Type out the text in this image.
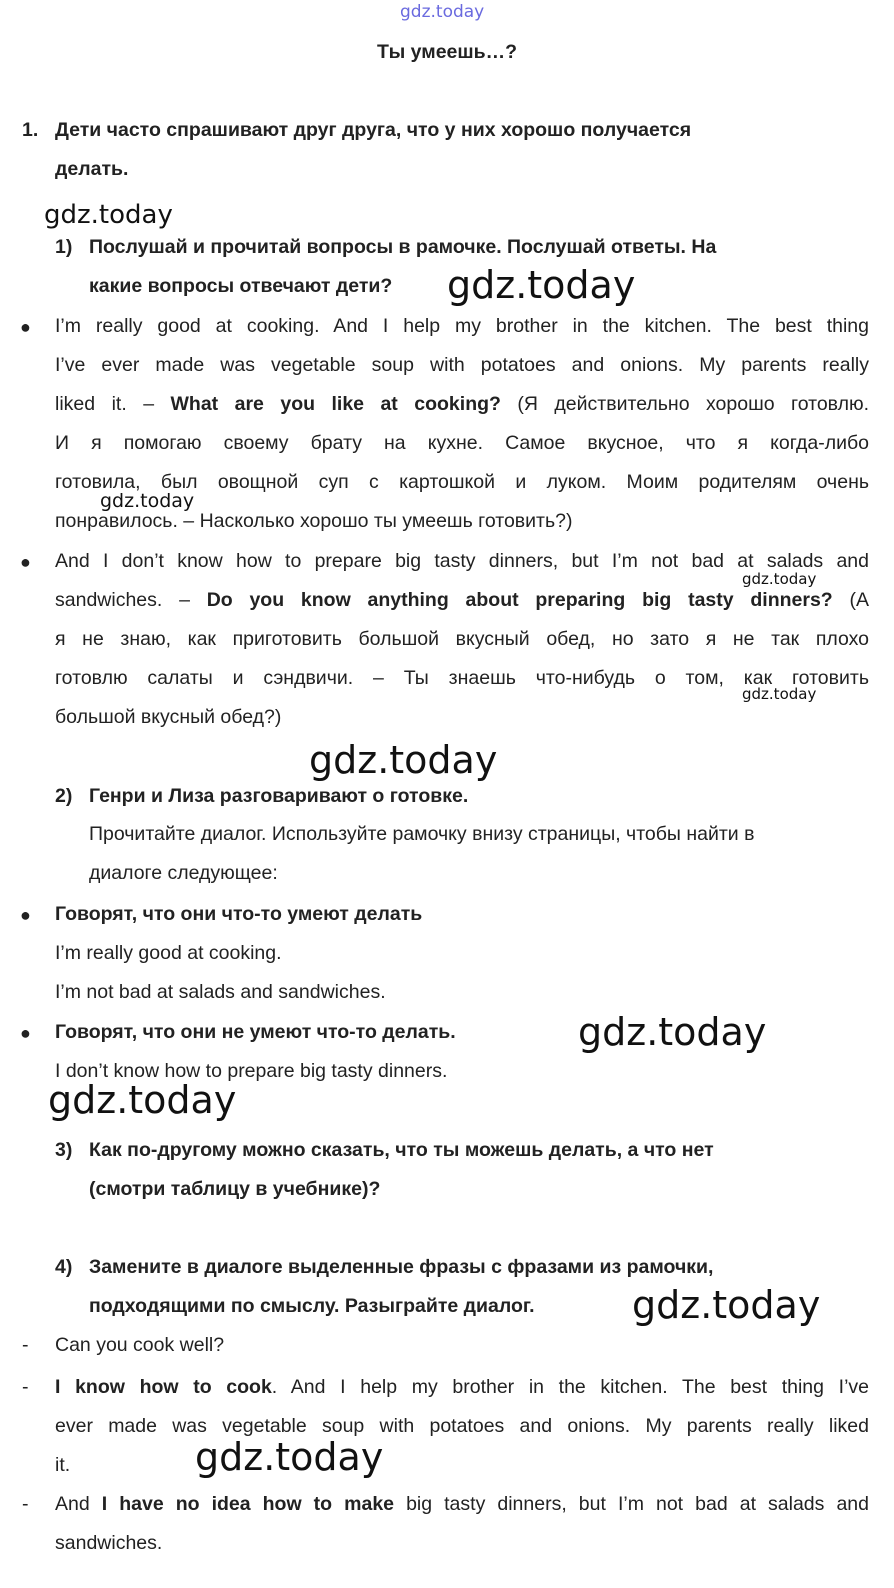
gdz.today
Ты умеешь…?
1. Дети часто спрашивают друг друга, что у них хорошо получается
делать.
gdz.today
1) Послушай и прочитай вопросы в рамочке. Послушай ответы. На
какие вопросы отвечают дети? gdz.today
● I’m really good at cooking. And I help my brother in the kitchen. The best thing
I’ve ever made was vegetable soup with potatoes and onions. My parents really
liked it. – What are you like at cooking? (Я действительно хорошо готовлю.
И я помогаю своему брату на кухне. Самое вкусное, что я когда-либо
готовила, был овощной суп с картошкой и луком. Моим родителям очень
gdz.today
понравилось. – Насколько хорошо ты умеешь готовить?)
● And I don’t know how to prepare big tasty dinners, but I’m not bad at salads and
gdz.today
sandwiches. – Do you know anything about preparing big tasty dinners? (А
я не знаю, как приготовить большой вкусный обед, но зато я не так плохо
готовлю салаты и сэндвичи. – Ты знаешь что-нибудь о том, как готовить
gdz.today
большой вкусный обед?)
gdz.today
2) Генри и Лиза разговаривают о готовке.
Прочитайте диалог. Используйте рамочку внизу страницы, чтобы найти в
диалоге следующее:
● Говорят, что они что-то умеют делать
I’m really good at cooking.
I’m not bad at salads and sandwiches.
● Говорят, что они не умеют что-то делать.	gdz.today
I don’t know how to prepare big tasty dinners.
gdz.today
3) Как по-другому можно сказать, что ты можешь делать, а что нет
(смотри таблицу в учебнике)?
4) Замените в диалоге выделенные фразы с фразами из рамочки,
подходящими по смыслу. Разыграйте диалог.	gdz.today
- Can you cook well?
- I know how to cook. And I help my brother in the kitchen. The best thing I’ve
ever made was vegetable soup with potatoes and onions. My parents really liked
it.	gdz.today
- And I have no idea how to make big tasty dinners, but I’m not bad at salads and
sandwiches.
